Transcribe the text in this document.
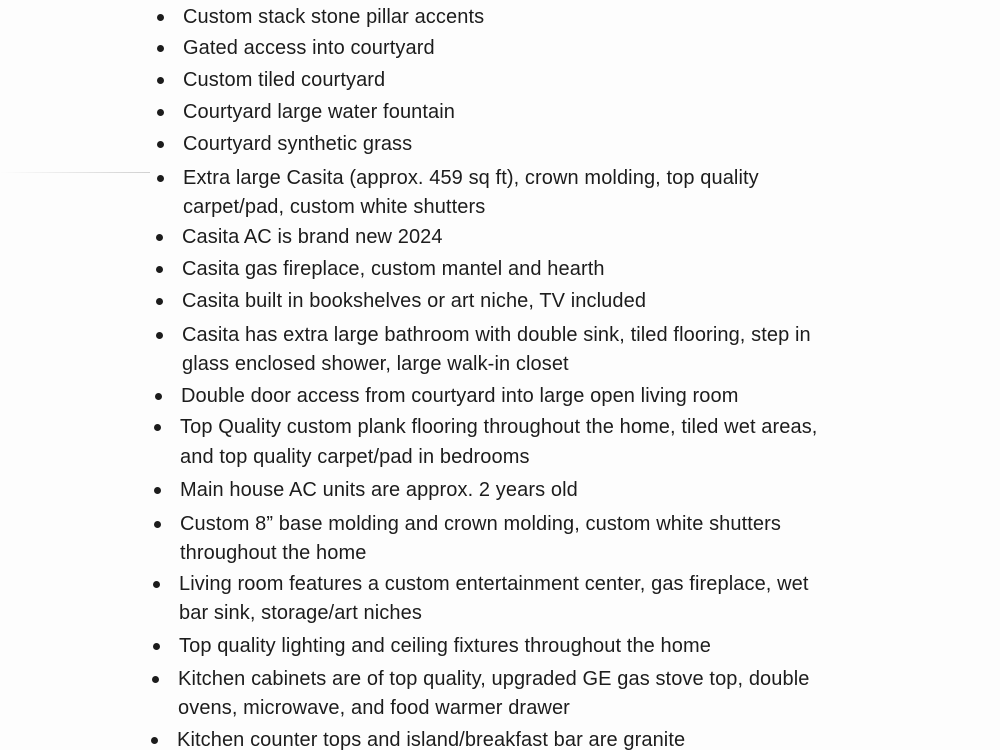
Custom stack stone pillar accents
Gated access into courtyard
Custom tiled courtyard
Courtyard large water fountain
Courtyard synthetic grass
Extra large Casita (approx. 459 sq ft), crown molding, top quality
carpet/pad, custom white shutters
Casita AC is brand new 2024
Casita gas fireplace, custom mantel and hearth
Casita built in bookshelves or art niche, TV included
Casita has extra large bathroom with double sink, tiled flooring, step in
glass enclosed shower, large walk-in closet
Double door access from courtyard into large open living room
Top Quality custom plank flooring throughout the home, tiled wet areas,
and top quality carpet/pad in bedrooms
Main house AC units are approx. 2 years old
Custom 8” base molding and crown molding, custom white shutters
throughout the home
Living room features a custom entertainment center, gas fireplace, wet
bar sink, storage/art niches
Top quality lighting and ceiling fixtures throughout the home
Kitchen cabinets are of top quality, upgraded GE gas stove top, double
ovens, microwave, and food warmer drawer
Kitchen counter tops and island/breakfast bar are granite
